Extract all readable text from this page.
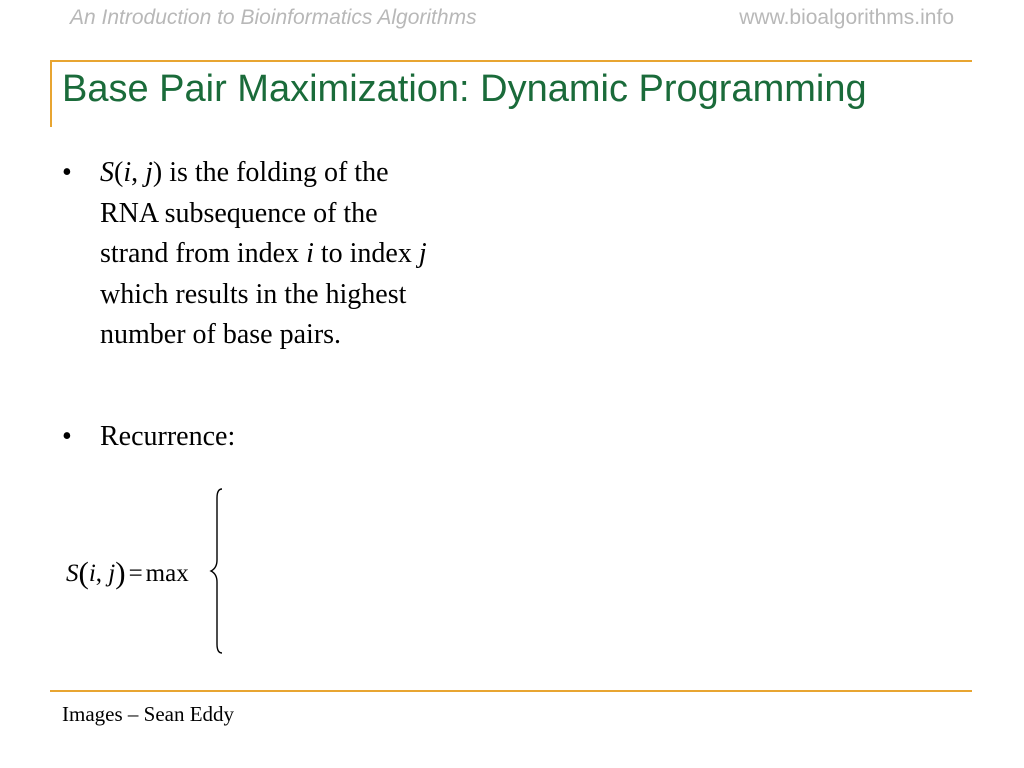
An Introduction to Bioinformatics Algorithms	www.bioalgorithms.info
Base Pair Maximization: Dynamic Programming
• S(i, j) is the folding of the
RNA subsequence of the
strand from index i to index j
which results in the highest
number of base pairs.
• Recurrence:
S(i, j) = max
Images – Sean Eddy
